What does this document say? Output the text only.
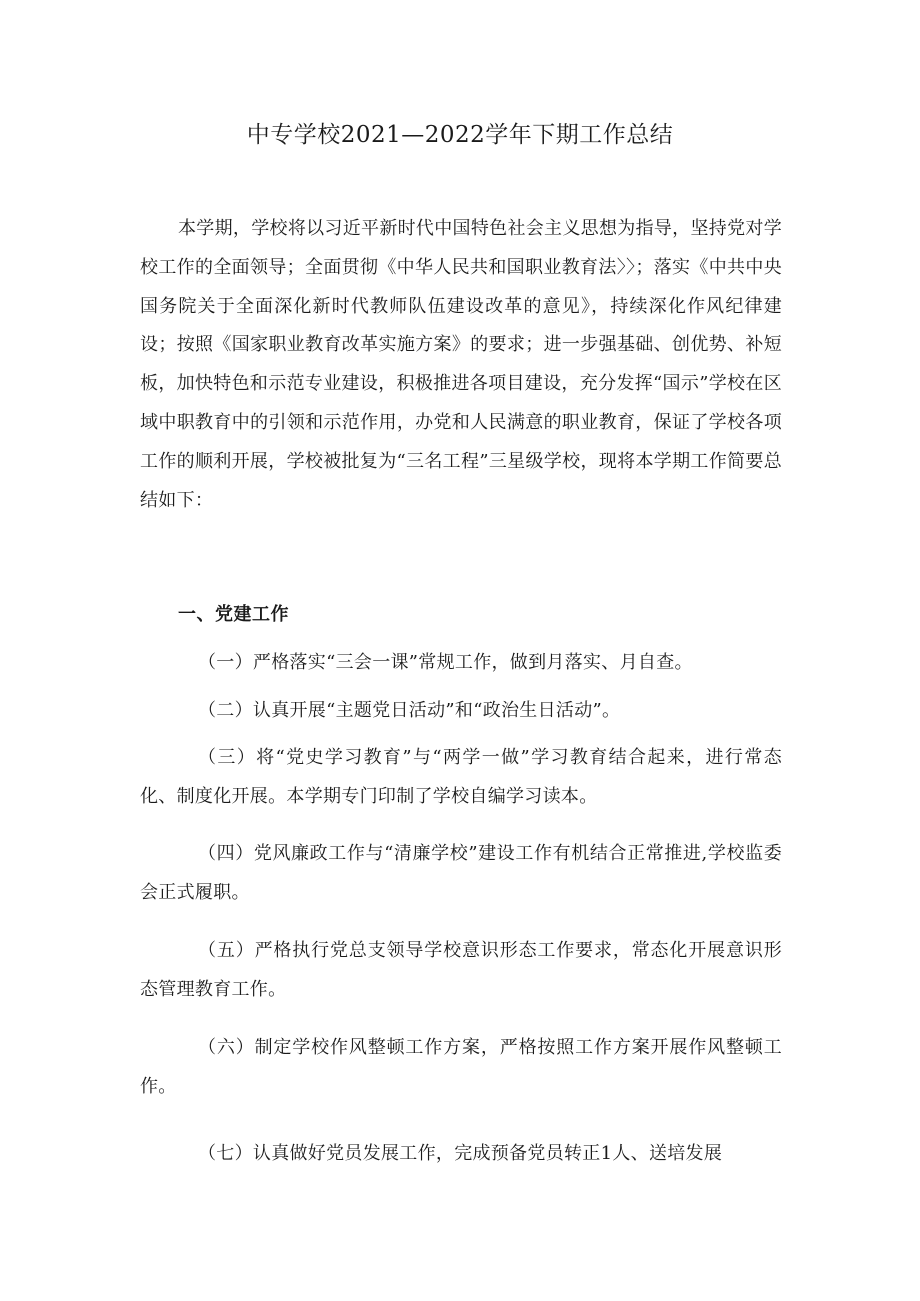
中专学校2021—2022学年下期工作总结
本学期，学校将以习近平新时代中国特色社会主义思想为指导，坚持党对学校工作的全面领导；全面贯彻《中华人民共和国职业教育法〉〉；落实《中共中央国务院关于全面深化新时代教师队伍建设改革的意见》，持续深化作风纪律建设；按照《国家职业教育改革实施方案》的要求；进一步强基础、创优势、补短板，加快特色和示范专业建设，积极推进各项目建设，充分发挥“国示”学校在区域中职教育中的引领和示范作用，办党和人民满意的职业教育，保证了学校各项工作的顺利开展，学校被批复为“三名工程”三星级学校，现将本学期工作简要总结如下：
一、党建工作
（一）严格落实“三会一课”常规工作，做到月落实、月自查。
（二）认真开展“主题党日活动”和“政治生日活动”。
（三）将“党史学习教育”与“两学一做”学习教育结合起来，进行常态化、制度化开展。本学期专门印制了学校自编学习读本。
（四）党风廉政工作与“清廉学校”建设工作有机结合正常推进,学校监委会正式履职。
（五）严格执行党总支领导学校意识形态工作要求，常态化开展意识形态管理教育工作。
（六）制定学校作风整顿工作方案，严格按照工作方案开展作风整顿工作。
（七）认真做好党员发展工作，完成预备党员转正1人、送培发展
